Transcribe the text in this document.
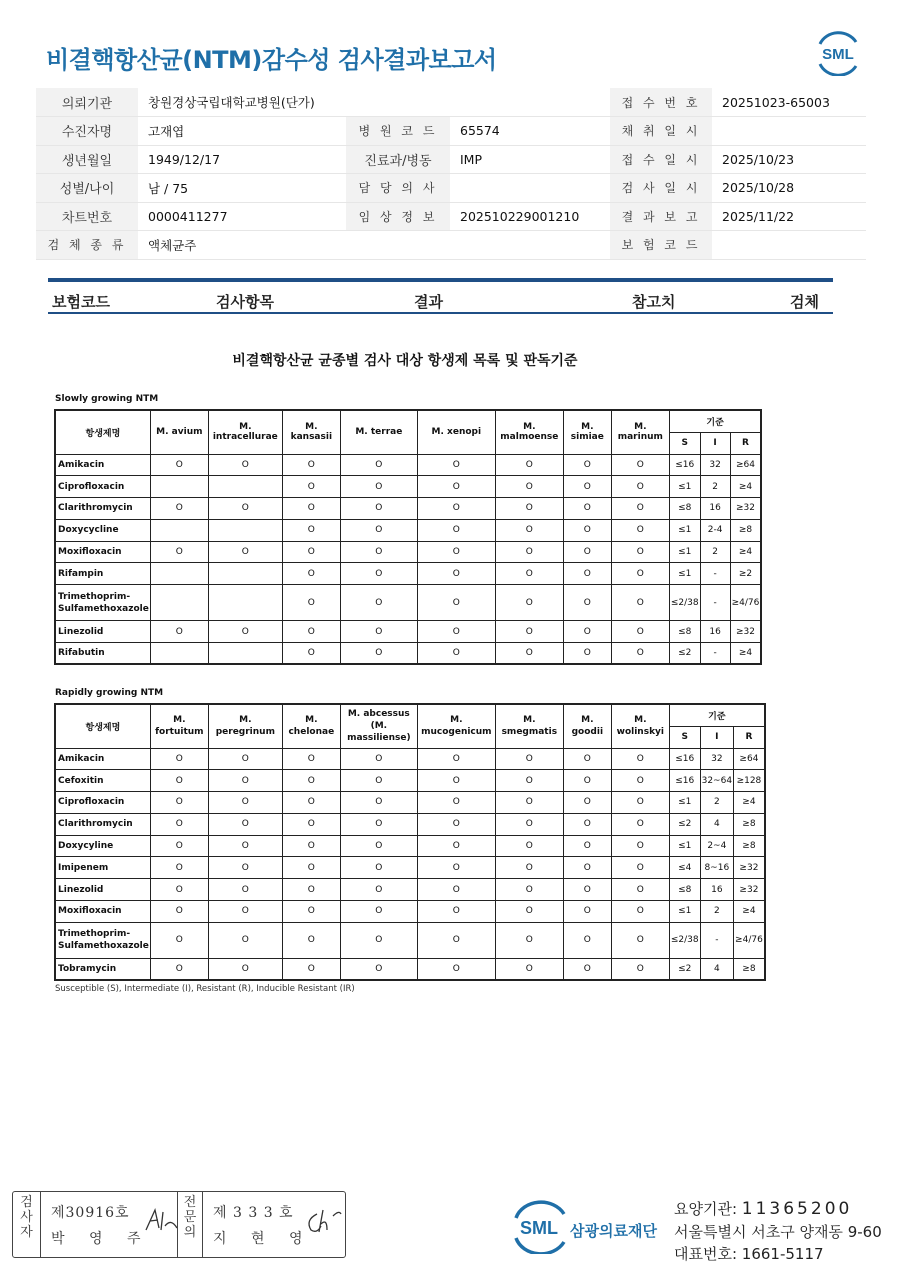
비결핵항산균(NTM)감수성 검사결과보고서	SML
의뢰기관	창원경상국립대학교병원(단가)			접 수 번 호	20251023-65003
수진자명	고재엽	병 원 코 드	65574	채 취 일 시	
생년월일	1949/12/17	진료과/병동	IMP	접 수 일 시	2025/10/23
성별/나이	남 / 75	담 당 의 사		검 사 일 시	2025/10/28
차트번호	0000411277	임 상 정 보	202510229001210	결 과 보 고	2025/11/22
검 체 종 류	액체균주			보 험 코 드	
보험코드	검사항목	결과	참고치	검체
비결핵항산균 균종별 검사 대상 항생제 목록 및 판독기준
Slowly growing NTM
항생제명	M. avium	M. intracellurae	M. kansasii	M. terrae	M. xenopi	M. malmoense	M. simiae	M. marinum	기준		
									S	I	R
Amikacin	O	O	O	O	O	O	O	O	≤16	32	≥64
Ciprofloxacin			O	O	O	O	O	O	≤1	2	≥4
Clarithromycin	O	O	O	O	O	O	O	O	≤8	16	≥32
Doxycycline			O	O	O	O	O	O	≤1	2-4	≥8
Moxifloxacin	O	O	O	O	O	O	O	O	≤1	2	≥4
Rifampin			O	O	O	O	O	O	≤1	-	≥2
Trimethoprim-Sulfamethoxazole			O	O	O	O	O	O	≤2/38	-	≥4/76
Linezolid	O	O	O	O	O	O	O	O	≤8	16	≥32
Rifabutin			O	O	O	O	O	O	≤2	-	≥4
Rapidly growing NTM
항생제명	M. fortuitum	M. peregrinum	M. chelonae	M. abcessus (M. massiliense)	M. mucogenicum	M. smegmatis	M. goodii	M. wolinskyi	기준		
									S	I	R
Amikacin	O	O	O	O	O	O	O	O	≤16	32	≥64
Cefoxitin	O	O	O	O	O	O	O	O	≤16	32~64	≥128
Ciprofloxacin	O	O	O	O	O	O	O	O	≤1	2	≥4
Clarithromycin	O	O	O	O	O	O	O	O	≤2	4	≥8
Doxycyline	O	O	O	O	O	O	O	O	≤1	2~4	≥8
Imipenem	O	O	O	O	O	O	O	O	≤4	8~16	≥32
Linezolid	O	O	O	O	O	O	O	O	≤8	16	≥32
Moxifloxacin	O	O	O	O	O	O	O	O	≤1	2	≥4
Trimethoprim-Sulfamethoxazole	O	O	O	O	O	O	O	O	≤2/38	-	≥4/76
Tobramycin	O	O	O	O	O	O	O	O	≤2	4	≥8
Susceptible (S), Intermediate (I), Resistant (R), Inducible Resistant (IR)
검
사
자
제30916호
박 영 주
전
문
의
제 3 3 3 호
지 현 영
SML 삼광의료재단
요양기관: 11365200
서울특별시 서초구 양재동 9-60
대표번호: 1661-5117
